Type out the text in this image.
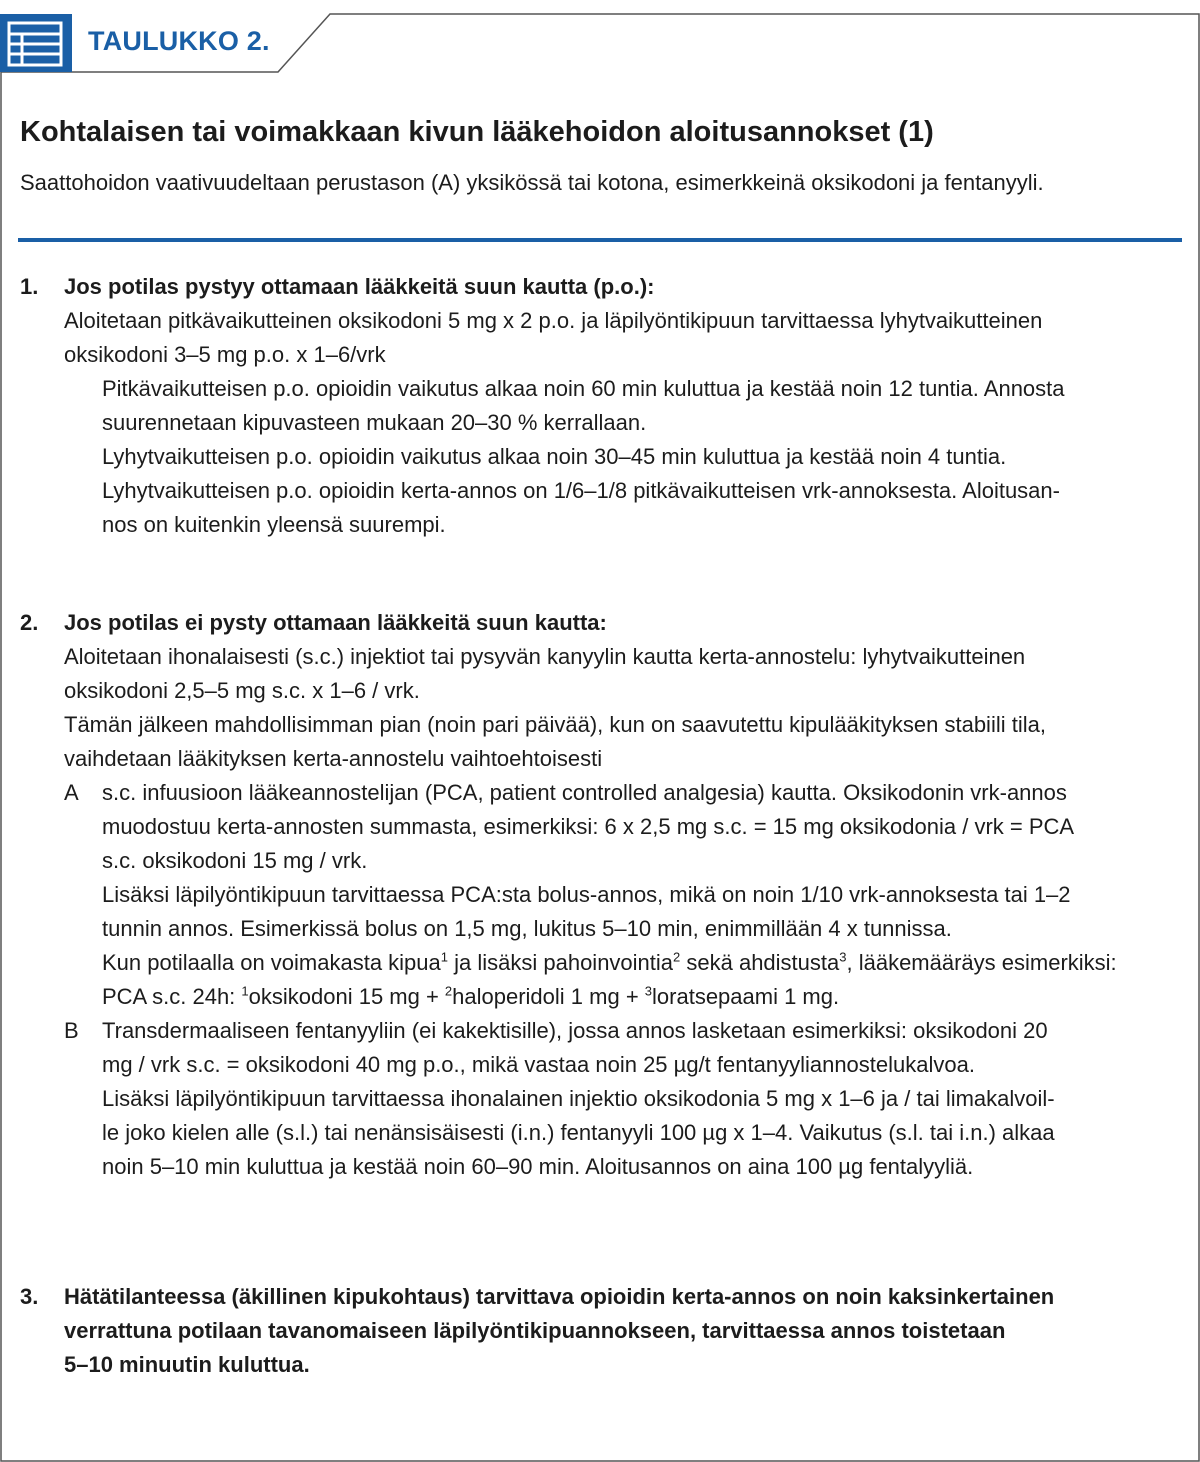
TAULUKKO 2.
Kohtalaisen tai voimakkaan kivun lääkehoidon aloitusannokset (1)

Saattohoidon vaativuudeltaan perustason (A) yksikössä tai kotona, esimerkkeinä oksikodoni ja fentanyyli.

1.	Jos potilas pystyy ottamaan lääkkeitä suun kautta (p.o.):
Aloitetaan pitkävaikutteinen oksikodoni 5 mg x 2 p.o. ja läpilyöntikipuun tarvittaessa lyhytvaikutteinen
oksikodoni 3–5 mg p.o. x 1–6/vrk
Pitkävaikutteisen p.o. opioidin vaikutus alkaa noin 60 min kuluttua ja kestää noin 12 tuntia. Annosta
suurennetaan kipuvasteen mukaan 20–30 % kerrallaan.
Lyhytvaikutteisen p.o. opioidin vaikutus alkaa noin 30–45 min kuluttua ja kestää noin 4 tuntia.
Lyhytvaikutteisen p.o. opioidin kerta-annos on 1/6–1/8 pitkävaikutteisen vrk-annoksesta. Aloitusan-
nos on kuitenkin yleensä suurempi.
2.	Jos potilas ei pysty ottamaan lääkkeitä suun kautta:
Aloitetaan ihonalaisesti (s.c.) injektiot tai pysyvän kanyylin kautta kerta-annostelu: lyhytvaikutteinen
oksikodoni 2,5–5 mg s.c. x 1–6 / vrk.
Tämän jälkeen mahdollisimman pian (noin pari päivää), kun on saavutettu kipulääkityksen stabiili tila,
vaihdetaan lääkityksen kerta-annostelu vaihtoehtoisesti
A	s.c. infuusioon lääkeannostelijan (PCA, patient controlled analgesia) kautta. Oksikodonin vrk-annos
muodostuu kerta-annosten summasta, esimerkiksi: 6 x 2,5 mg s.c. = 15 mg oksikodonia / vrk = PCA
s.c. oksikodoni 15 mg / vrk.
Lisäksi läpilyöntikipuun tarvittaessa PCA:sta bolus-annos, mikä on noin 1/10 vrk-annoksesta tai 1–2
tunnin annos. Esimerkissä bolus on 1,5 mg, lukitus 5–10 min, enimmillään 4 x tunnissa.
Kun potilaalla on voimakasta kipua$^1$ ja lisäksi pahoinvointia$^2$ sekä ahdistusta$^3$, lääkemääräys esimerkiksi:
PCA s.c. 24h: $^1$oksikodoni 15 mg + $^2$haloperidoli 1 mg + $^3$loratsepaami 1 mg.
B	Transdermaaliseen fentanyyliin (ei kakektisille), jossa annos lasketaan esimerkiksi: oksikodoni 20
mg / vrk s.c. = oksikodoni 40 mg p.o., mikä vastaa noin 25 µg/t fentanyyliannostelukalvoa.
Lisäksi läpilyöntikipuun tarvittaessa ihonalainen injektio oksikodonia 5 mg x 1–6 ja / tai limakalvoil-
le joko kielen alle (s.l.) tai nenänsisäisesti (i.n.) fentanyyli 100 µg x 1–4. Vaikutus (s.l. tai i.n.) alkaa
noin 5–10 min kuluttua ja kestää noin 60–90 min. Aloitusannos on aina 100 µg fentalyyliä.
3.	Hätätilanteessa (äkillinen kipukohtaus) tarvittava opioidin kerta-annos on noin kaksinkertainen
verrattuna potilaan tavanomaiseen läpilyöntikipuannokseen, tarvittaessa annos toistetaan
5–10 minuutin kuluttua.
